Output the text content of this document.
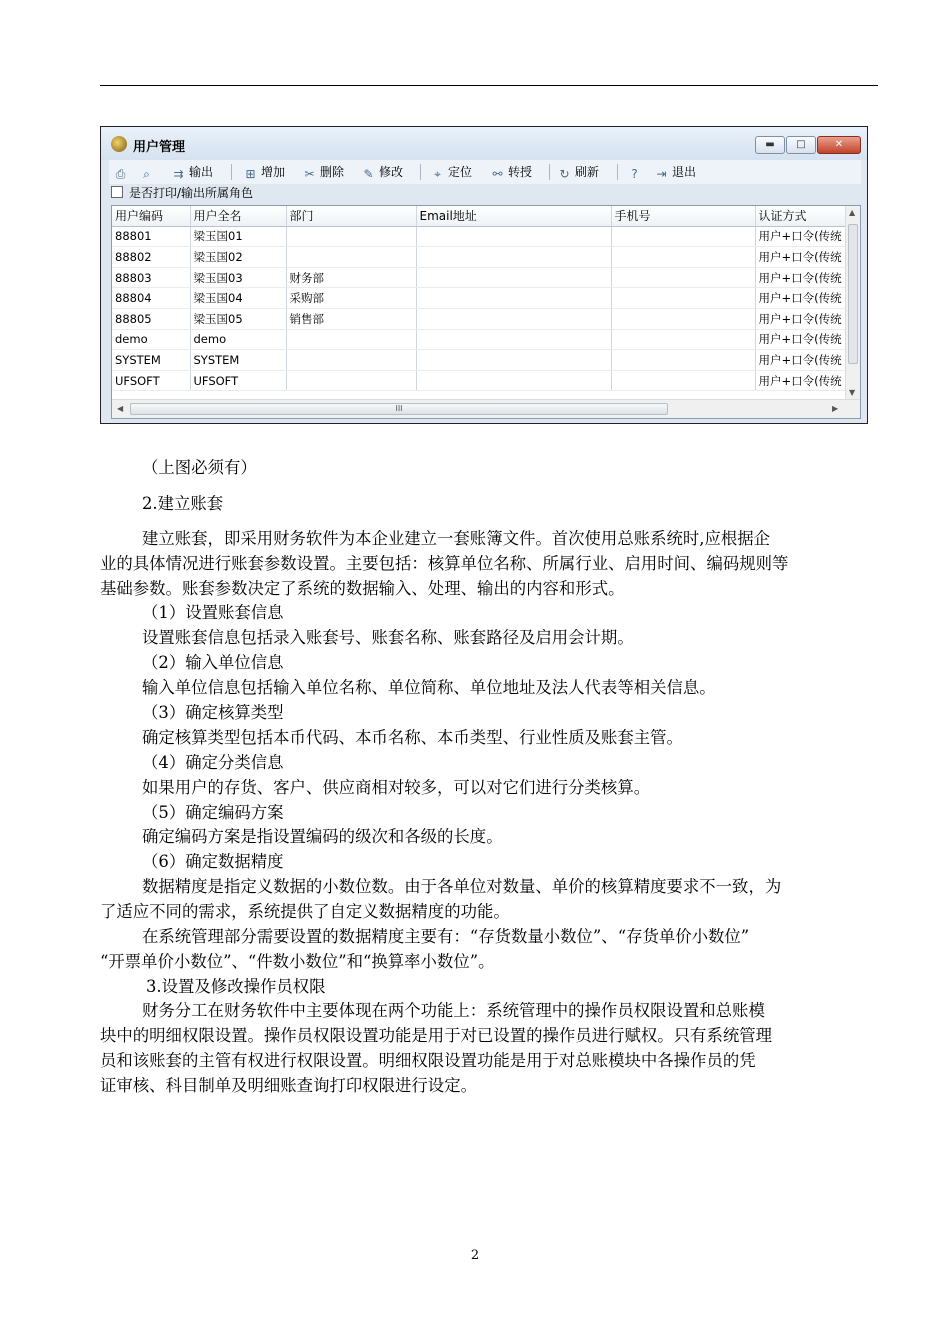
用户管理	▬	□	✕
⎙	⌕	⇉ 输出	⊞ 增加 ✂ 删除 ✎ 修改	⌖ 定位 ⚯ 转授 ↻ 刷新	?	⇥ 退出
是否打印/输出所属角色
用户编码	用户全名	部门	Email地址	手机号	认证方式
88801	梁玉国01				用户+口令(传统
88802	梁玉国02				用户+口令(传统
88803	梁玉国03	财务部			用户+口令(传统
88804	梁玉国04	采购部			用户+口令(传统
88805	梁玉国05	销售部			用户+口令(传统
demo	demo				用户+口令(传统
SYSTEM	SYSTEM				用户+口令(传统
UFSOFT	UFSOFT				用户+口令(传统
▲
▼
◀	III	▶
（上图必须有）
2.建立账套
建立账套，即采用财务软件为本企业建立一套账簿文件。首次使用总账系统时,应根据企
业的具体情况进行账套参数设置。主要包括：核算单位名称、所属行业、启用时间、编码规则等
基础参数。账套参数决定了系统的数据输入、处理、输出的内容和形式。
（1）设置账套信息
设置账套信息包括录入账套号、账套名称、账套路径及启用会计期。
（2）输入单位信息
输入单位信息包括输入单位名称、单位简称、单位地址及法人代表等相关信息。
（3）确定核算类型
确定核算类型包括本币代码、本币名称、本币类型、行业性质及账套主管。
（4）确定分类信息
如果用户的存货、客户、供应商相对较多，可以对它们进行分类核算。
（5）确定编码方案
确定编码方案是指设置编码的级次和各级的长度。
（6）确定数据精度
数据精度是指定义数据的小数位数。由于各单位对数量、单价的核算精度要求不一致，为
了适应不同的需求，系统提供了自定义数据精度的功能。
在系统管理部分需要设置的数据精度主要有：“存货数量小数位”、“存货单价小数位”
“开票单价小数位”、“件数小数位”和“换算率小数位”。
3.设置及修改操作员权限
财务分工在财务软件中主要体现在两个功能上：系统管理中的操作员权限设置和总账模
块中的明细权限设置。操作员权限设置功能是用于对已设置的操作员进行赋权。只有系统管理
员和该账套的主管有权进行权限设置。明细权限设置功能是用于对总账模块中各操作员的凭
证审核、科目制单及明细账查询打印权限进行设定。
2
